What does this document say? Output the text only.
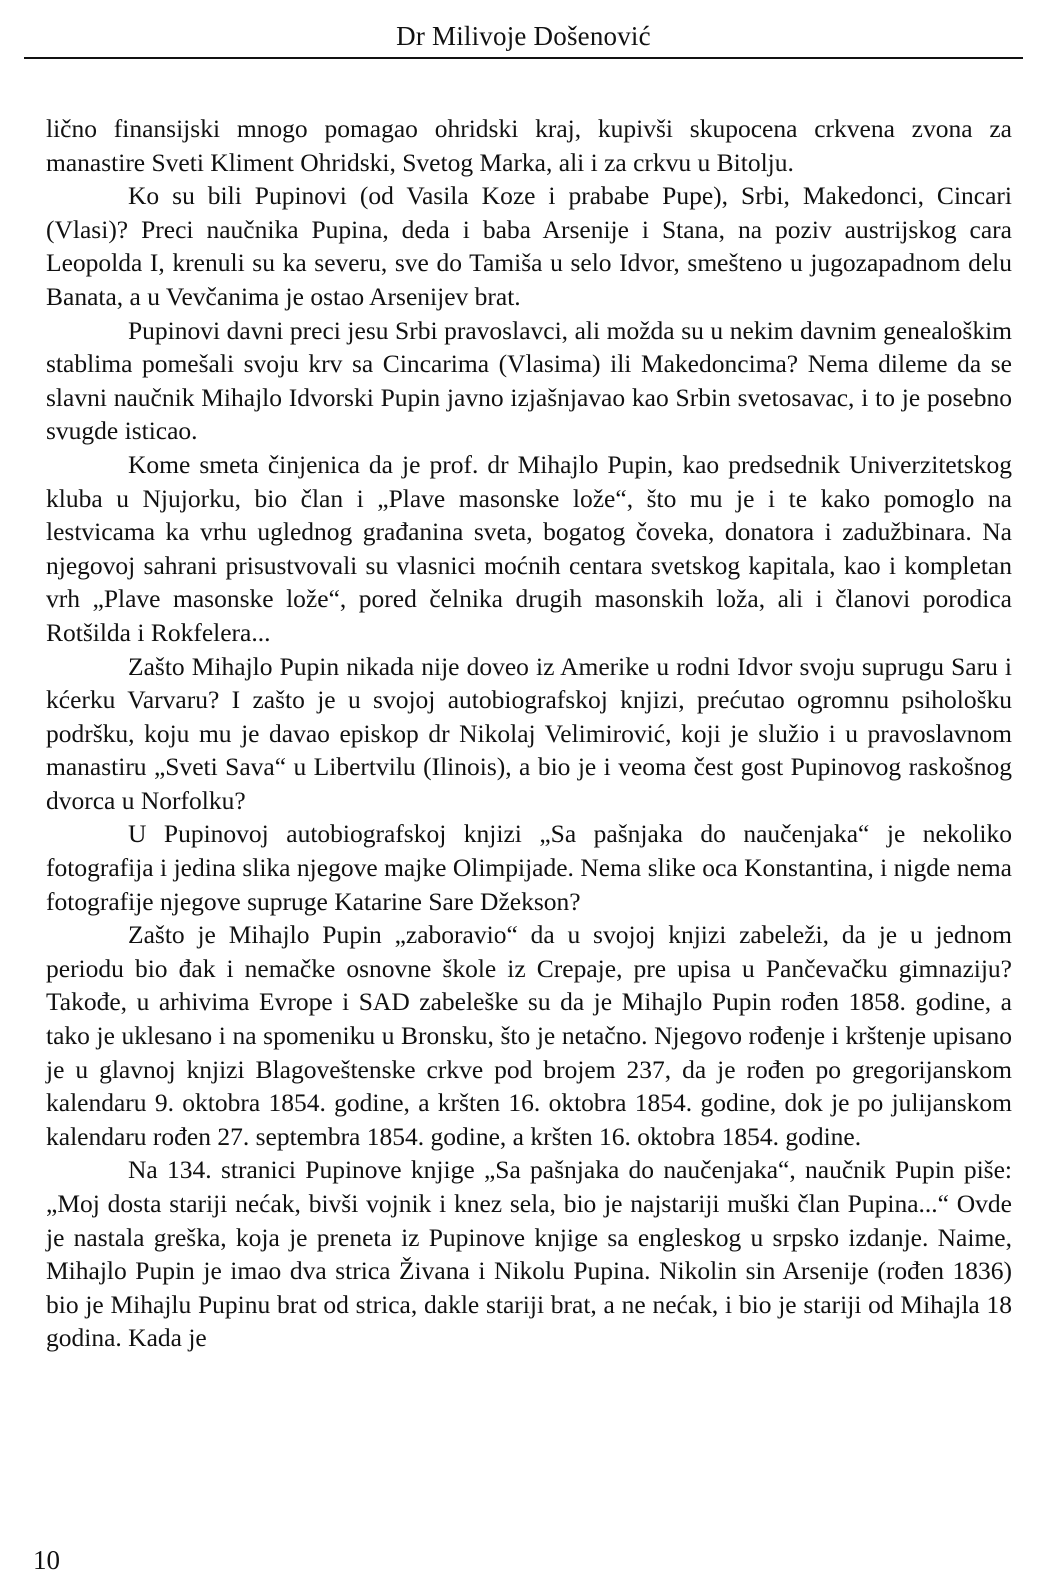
Dr Milivoje Došenović

lično finansijski mnogo pomagao ohridski kraj, kupivši skupocena crkvena zvona za manastire Sveti Kliment Ohridski, Svetog Marka, ali i za crkvu u Bitolju.

Ko su bili Pupinovi (od Vasila Koze i prababe Pupe), Srbi, Makedonci, Cincari (Vlasi)? Preci naučnika Pupina, deda i baba Arsenije i Stana, na poziv austrijskog cara Leopolda I, krenuli su ka severu, sve do Tamiša u selo Idvor, smešteno u jugozapadnom delu Banata, a u Vevčanima je ostao Arsenijev brat.

Pupinovi davni preci jesu Srbi pravoslavci, ali možda su u nekim davnim genealoškim stablima pomešali svoju krv sa Cincarima (Vlasima) ili Makedoncima? Nema dileme da se slavni naučnik Mihajlo Idvorski Pupin javno izjašnjavao kao Srbin svetosavac, i to je posebno svugde isticao.

Kome smeta činjenica da je prof. dr Mihajlo Pupin, kao predsednik Univerzitetskog kluba u Njujorku, bio član i „Plave masonske lože“, što mu je i te kako pomoglo na lestvicama ka vrhu uglednog građanina sveta, bogatog čoveka, donatora i zadužbinara. Na njegovoj sahrani prisustvovali su vlasnici moćnih centara svetskog kapitala, kao i kompletan vrh „Plave masonske lože“, pored čelnika drugih masonskih loža, ali i članovi porodica Rotšilda i Rokfelera...

Zašto Mihajlo Pupin nikada nije doveo iz Amerike u rodni Idvor svoju suprugu Saru i kćerku Varvaru? I zašto je u svojoj autobiografskoj knjizi, prećutao ogromnu psihološku podršku, koju mu je davao episkop dr Nikolaj Velimirović, koji je služio i u pravoslavnom manastiru „Sveti Sava“ u Libertvilu (Ilinois), a bio je i veoma čest gost Pupinovog raskošnog dvorca u Norfolku?

U Pupinovoj autobiografskoj knjizi „Sa pašnjaka do naučenjaka“ je nekoliko fotografija i jedina slika njegove majke Olimpijade. Nema slike oca Konstantina, i nigde nema fotografije njegove supruge Katarine Sare Džekson?

Zašto je Mihajlo Pupin „zaboravio“ da u svojoj knjizi zabeleži, da je u jednom periodu bio đak i nemačke osnovne škole iz Crepaje, pre upisa u Pančevačku gimnaziju? Takođe, u arhivima Evrope i SAD zabeleške su da je Mihajlo Pupin rođen 1858. godine, a tako je uklesano i na spomeniku u Bronsku, što je netačno. Njegovo rođenje i krštenje upisano je u glavnoj knjizi Blagoveštenske crkve pod brojem 237, da je rođen po gregorijanskom kalendaru 9. oktobra 1854. godine, a kršten 16. oktobra 1854. godine, dok je po julijanskom kalendaru rođen 27. septembra 1854. godine, a kršten 16. oktobra 1854. godine.

Na 134. stranici Pupinove knjige „Sa pašnjaka do naučenjaka“, naučnik Pupin piše: „Moj dosta stariji nećak, bivši vojnik i knez sela, bio je najstariji muški član Pupina...“ Ovde je nastala greška, koja je preneta iz Pupinove knjige sa engleskog u srpsko izdanje. Naime, Mihajlo Pupin je imao dva strica Živana i Nikolu Pupina. Nikolin sin Arsenije (rođen 1836) bio je Mihajlu Pupinu brat od strica, dakle stariji brat, a ne nećak, i bio je stariji od Mihajla 18 godina. Kada je

10
